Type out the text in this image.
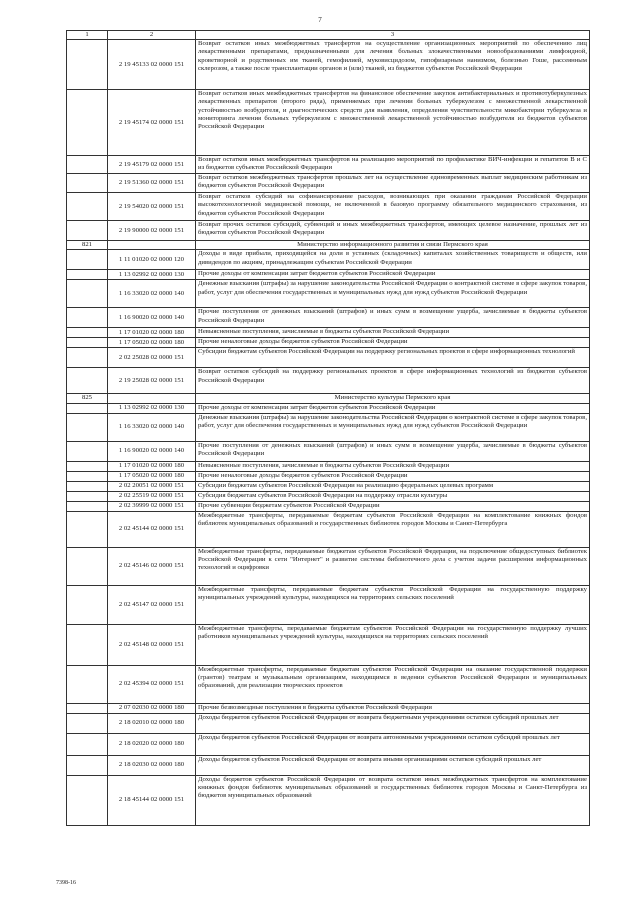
7
1	2	3
	2 19 45133 02 0000 151	Возврат остатков иных межбюджетных трансфертов на осуществление организационных мероприятий по обеспечению лиц лекарственными препаратами, предназначенными для лечения больных злокачественными новообразованиями лимфоидной, кроветворной и родственных им тканей, гемофилией, муковисцидозом, гипофизарным нанизмом, болезнью Гоше, рассеянным склерозом, а также после трансплантации органов и (или) тканей, из бюджетов субъектов Российской Федерации
	2 19 45174 02 0000 151	Возврат остатков иных межбюджетных трансфертов на финансовое обеспечение закупок антибактериальных и противотуберкулезных лекарственных препаратов (второго ряда), применяемых при лечении больных туберкулезом с множественной лекарственной устойчивостью возбудителя, и диагностических средств для выявления, определения чувствительности микобактерии туберкулеза и мониторинга лечения больных туберкулезом с множественной лекарственной устойчивостью возбудителя из бюджетов субъектов Российской Федерации
	2 19 45179 02 0000 151	Возврат остатков иных межбюджетных трансфертов на реализацию мероприятий по профилактике ВИЧ-инфекции и гепатитов B и C из бюджетов субъектов Российской Федерации
	2 19 51360 02 0000 151	Возврат остатков межбюджетных трансфертов прошлых лет на осуществление единовременных выплат медицинским работникам из бюджетов субъектов Российской Федерации
	2 19 54020 02 0000 151	Возврат остатков субсидий на софинансирование расходов, возникающих при оказании гражданам Российской Федерации высокотехнологичной медицинской помощи, не включенной в базовую программу обязательного медицинского страхования, из бюджетов субъектов Российской Федерации
	2 19 90000 02 0000 151	Возврат прочих остатков субсидий, субвенций и иных межбюджетных трансфертов, имеющих целевое назначение, прошлых лет из бюджетов субъектов Российской Федерации
821		Министерство информационного развития и связи Пермского края
	1 11 01020 02 0000 120	Доходы в виде прибыли, приходящейся на доли в уставных (складочных) капиталах хозяйственных товариществ и обществ, или дивидендов по акциям, принадлежащим субъектам Российской Федерации
	1 13 02992 02 0000 130	Прочие доходы от компенсации затрат бюджетов субъектов Российской Федерации
	1 16 33020 02 0000 140	Денежные взыскания (штрафы) за нарушение законодательства Российской Федерации о контрактной системе в сфере закупок товаров, работ, услуг для обеспечения государственных и муниципальных нужд для нужд субъектов Российской Федерации
	1 16 90020 02 0000 140	Прочие поступления от денежных взысканий (штрафов) и иных сумм в возмещение ущерба, зачисляемые в бюджеты субъектов Российской Федерации
	1 17 01020 02 0000 180	Невыясненные поступления, зачисляемые в бюджеты субъектов Российской Федерации
	1 17 05020 02 0000 180	Прочие неналоговые доходы бюджетов субъектов Российской Федерации
	2 02 25028 02 0000 151	Субсидии бюджетам субъектов Российской Федерации на поддержку региональных проектов в сфере информационных технологий
	2 19 25028 02 0000 151	Возврат остатков субсидий на поддержку региональных проектов в сфере информационных технологий из бюджетов субъектов Российской Федерации
825		Министерство культуры Пермского края
	1 13 02992 02 0000 130	Прочие доходы от компенсации затрат бюджетов субъектов Российской Федерации
	1 16 33020 02 0000 140	Денежные взыскания (штрафы) за нарушение законодательства Российской Федерации о контрактной системе в сфере закупок товаров, работ, услуг для обеспечения государственных и муниципальных нужд для нужд субъектов Российской Федерации
	1 16 90020 02 0000 140	Прочие поступления от денежных взысканий (штрафов) и иных сумм в возмещение ущерба, зачисляемые в бюджеты субъектов Российской Федерации
	1 17 01020 02 0000 180	Невыясненные поступления, зачисляемые в бюджеты субъектов Российской Федерации
	1 17 05020 02 0000 180	Прочие неналоговые доходы бюджетов субъектов Российской Федерации
	2 02 20051 02 0000 151	Субсидии бюджетам субъектов Российской Федерации на реализацию федеральных целевых программ
	2 02 25519 02 0000 151	Субсидия бюджетам субъектов Российской Федерации на поддержку отрасли культуры
	2 02 39999 02 0000 151	Прочие субвенции бюджетам субъектов Российской Федерации
	2 02 45144 02 0000 151	Межбюджетные трансферты, передаваемые бюджетам субъектов Российской Федерации на комплектование книжных фондов библиотек муниципальных образований и государственных библиотек городов Москвы и Санкт-Петербурга
	2 02 45146 02 0000 151	Межбюджетные трансферты, передаваемые бюджетам субъектов Российской Федерации, на подключение общедоступных библиотек Российской Федерации к сети "Интернет" и развитие системы библиотечного дела с учетом задачи расширения информационных технологий и оцифровки
	2 02 45147 02 0000 151	Межбюджетные трансферты, передаваемые бюджетам субъектов Российской Федерации на государственную поддержку муниципальных учреждений культуры, находящихся на территориях сельских поселений
	2 02 45148 02 0000 151	Межбюджетные трансферты, передаваемые бюджетам субъектов Российской Федерации на государственную поддержку лучших работников муниципальных учреждений культуры, находящихся на территориях сельских поселений
	2 02 45394 02 0000 151	Межбюджетные трансферты, передаваемые бюджетам субъектов Российской Федерации на оказание государственной поддержки (грантов) театрам и музыкальным организациям, находящимся в ведении субъектов Российской Федерации и муниципальных образований, для реализации творческих проектов
	2 07 02030 02 0000 180	Прочие безвозмездные поступления в бюджеты субъектов Российской Федерации
	2 18 02010 02 0000 180	Доходы бюджетов субъектов Российской Федерации от возврата бюджетными учреждениями остатков субсидий прошлых лет
	2 18 02020 02 0000 180	Доходы бюджетов субъектов Российской Федерации от возврата автономными учреждениями остатков субсидий прошлых лет
	2 18 02030 02 0000 180	Доходы бюджетов субъектов Российской Федерации от возврата иными организациями остатков субсидий прошлых лет
	2 18 45144 02 0000 151	Доходы бюджетов субъектов Российской Федерации от возврата остатков иных межбюджетных трансфертов на комплектование книжных фондов библиотек муниципальных образований и государственных библиотек городов Москвы и Санкт-Петербурга из бюджетов муниципальных образований
7398-16
